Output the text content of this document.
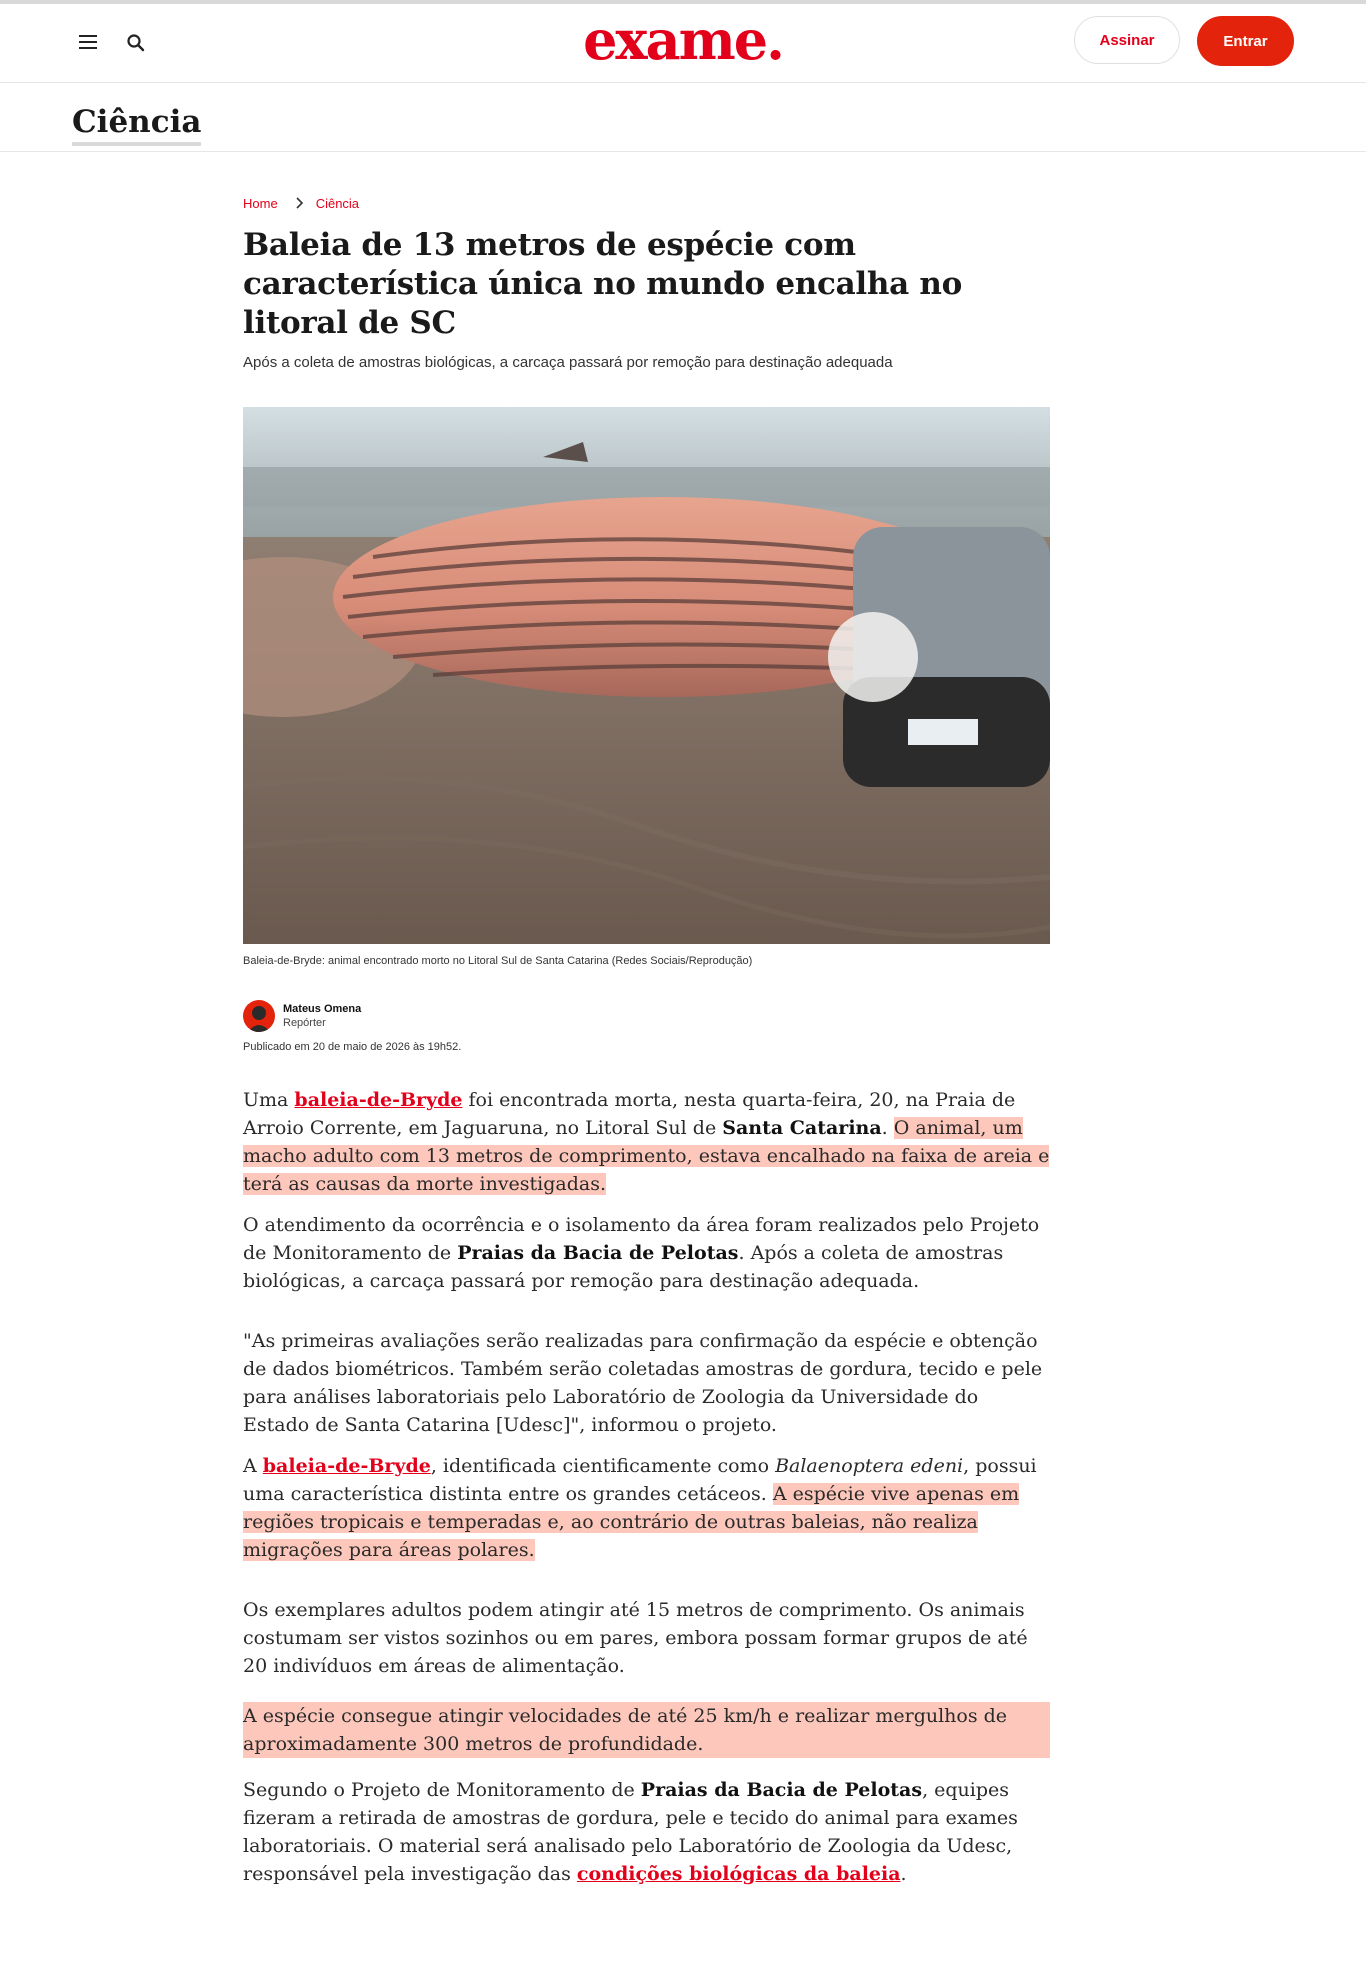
exame.	Assinar	Entrar
Ciência
Home	Ciência
Baleia de 13 metros de espécie com característica única no mundo encalha no litoral de SC
Após a coleta de amostras biológicas, a carcaça passará por remoção para destinação adequada
Baleia-de-Bryde: animal encontrado morto no Litoral Sul de Santa Catarina (Redes Sociais/Reprodução)
Mateus Omena
Repórter
Publicado em 20 de maio de 2026 às 19h52.

Uma baleia-de-Bryde foi encontrada morta, nesta quarta-feira, 20, na Praia de Arroio Corrente, em Jaguaruna, no Litoral Sul de Santa Catarina. O animal, um macho adulto com 13 metros de comprimento, estava encalhado na faixa de areia e terá as causas da morte investigadas.

O atendimento da ocorrência e o isolamento da área foram realizados pelo Projeto de Monitoramento de Praias da Bacia de Pelotas. Após a coleta de amostras biológicas, a carcaça passará por remoção para destinação adequada.

"As primeiras avaliações serão realizadas para confirmação da espécie e obtenção de dados biométricos. Também serão coletadas amostras de gordura, tecido e pele para análises laboratoriais pelo Laboratório de Zoologia da Universidade do Estado de Santa Catarina [Udesc]", informou o projeto.

A baleia-de-Bryde, identificada cientificamente como Balaenoptera edeni, possui uma característica distinta entre os grandes cetáceos. A espécie vive apenas em regiões tropicais e temperadas e, ao contrário de outras baleias, não realiza migrações para áreas polares.

Os exemplares adultos podem atingir até 15 metros de comprimento. Os animais costumam ser vistos sozinhos ou em pares, embora possam formar grupos de até 20 indivíduos em áreas de alimentação.

A espécie consegue atingir velocidades de até 25 km/h e realizar mergulhos de aproximadamente 300 metros de profundidade.

Segundo o Projeto de Monitoramento de Praias da Bacia de Pelotas, equipes fizeram a retirada de amostras de gordura, pele e tecido do animal para exames laboratoriais. O material será analisado pelo Laboratório de Zoologia da Udesc, responsável pela investigação das condições biológicas da baleia.
